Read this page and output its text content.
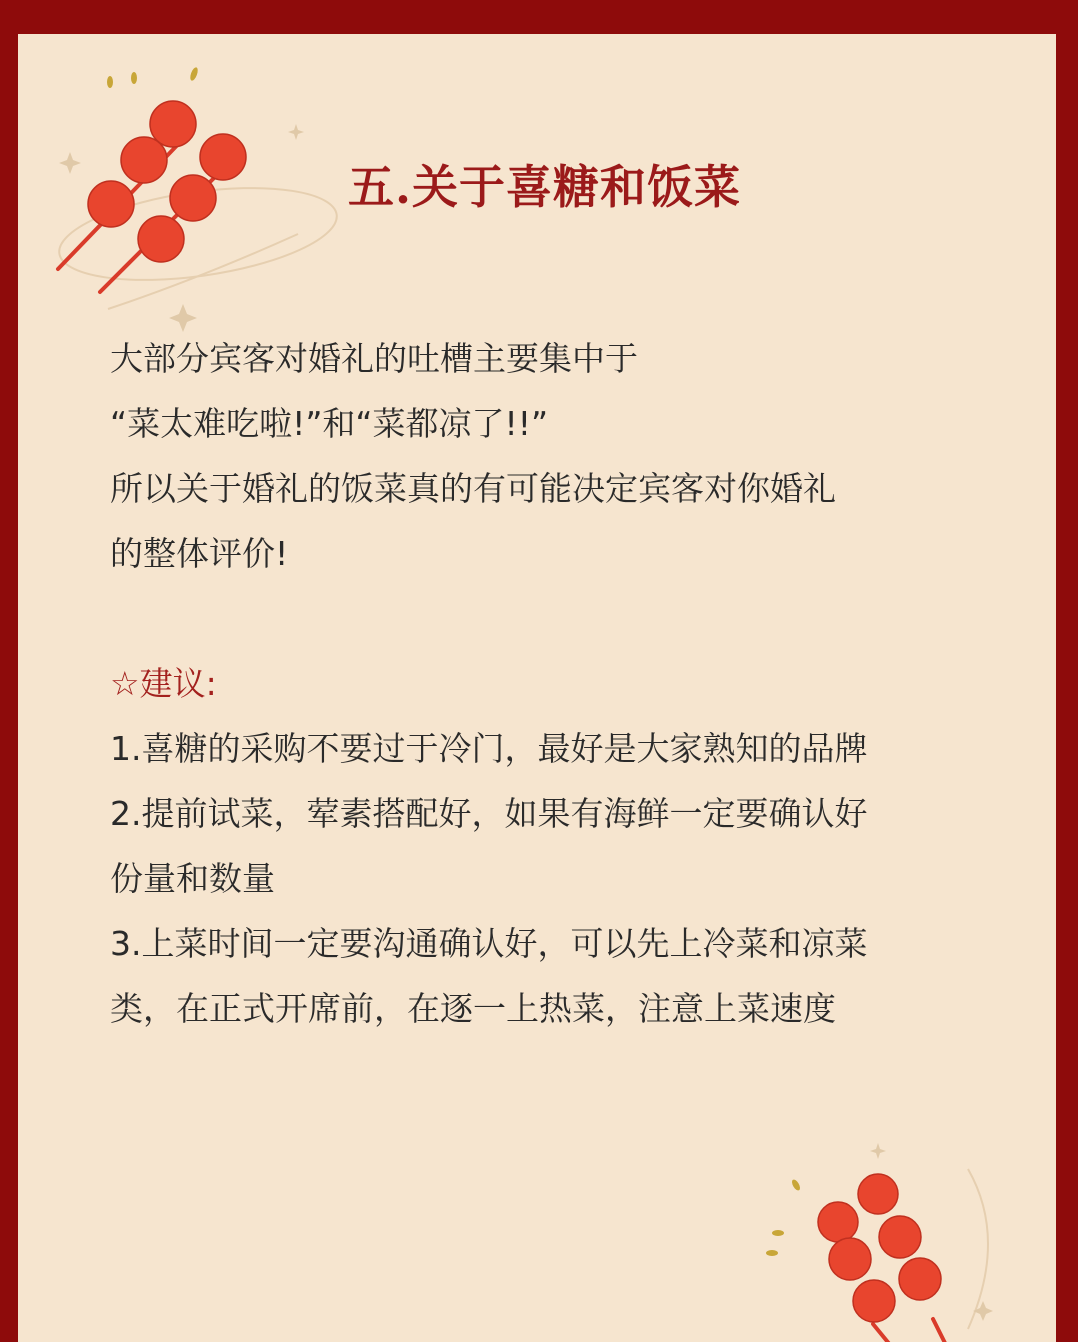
五.关于喜糖和饭菜
大部分宾客对婚礼的吐槽主要集中于
“菜太难吃啦!”和“菜都凉了!!”
所以关于婚礼的饭菜真的有可能决定宾客对你婚礼
的整体评价!
☆建议:
1.喜糖的采购不要过于冷门，最好是大家熟知的品牌
2.提前试菜，荤素搭配好，如果有海鲜一定要确认好
份量和数量
3.上菜时间一定要沟通确认好，可以先上冷菜和凉菜
类，在正式开席前，在逐一上热菜，注意上菜速度
